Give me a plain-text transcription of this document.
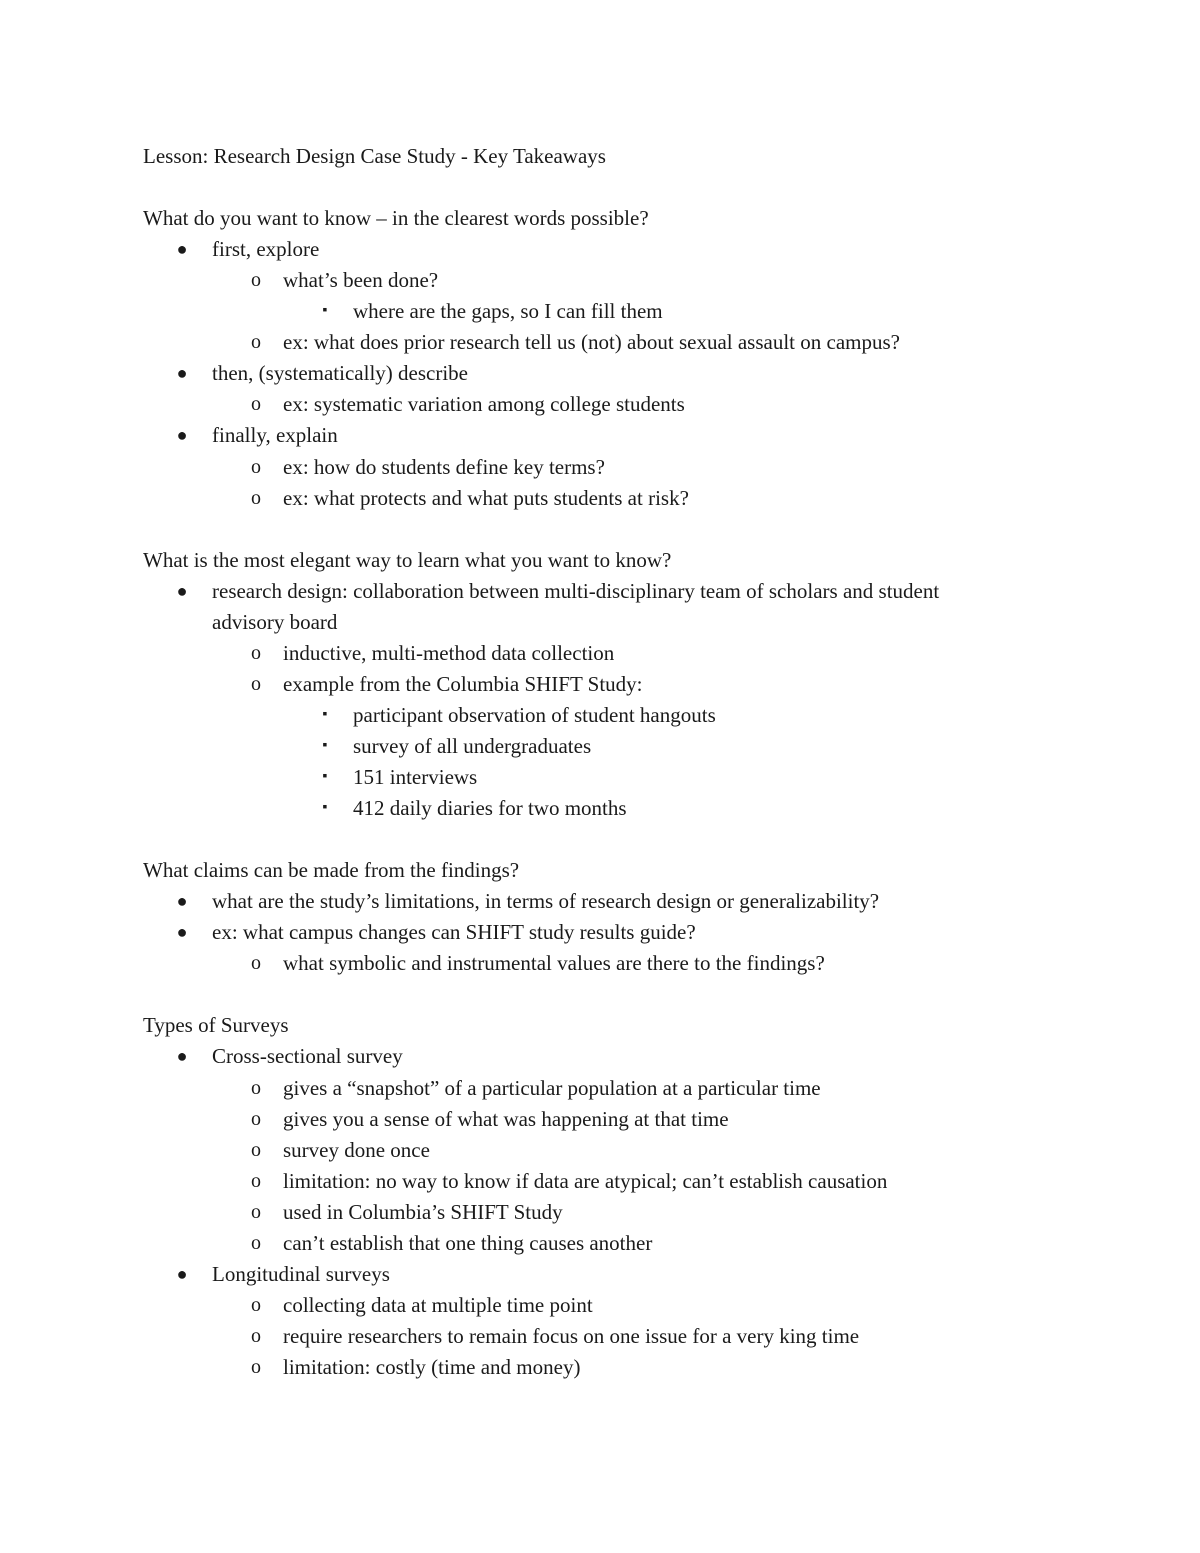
Lesson: Research Design Case Study - Key Takeaways
What do you want to know – in the clearest words possible?
● first, explore
o what’s been done?
▪	where are the gaps, so I can fill them
o ex: what does prior research tell us (not) about sexual assault on campus?
● then, (systematically) describe
o ex: systematic variation among college students
● finally, explain
o ex: how do students define key terms?
o ex: what protects and what puts students at risk?
What is the most elegant way to learn what you want to know?
● research design: collaboration between multi-disciplinary team of scholars and student
advisory board
o inductive, multi-method data collection
o example from the Columbia SHIFT Study:
▪	participant observation of student hangouts
▪	survey of all undergraduates
▪	151 interviews
▪	412 daily diaries for two months
What claims can be made from the findings?
● what are the study’s limitations, in terms of research design or generalizability?
● ex: what campus changes can SHIFT study results guide?
o what symbolic and instrumental values are there to the findings?
Types of Surveys
● Cross-sectional survey
o gives a “snapshot” of a particular population at a particular time
o gives you a sense of what was happening at that time
o survey done once
o limitation: no way to know if data are atypical; can’t establish causation
o used in Columbia’s SHIFT Study
o can’t establish that one thing causes another
● Longitudinal surveys
o collecting data at multiple time point
o require researchers to remain focus on one issue for a very king time
o limitation: costly (time and money)
